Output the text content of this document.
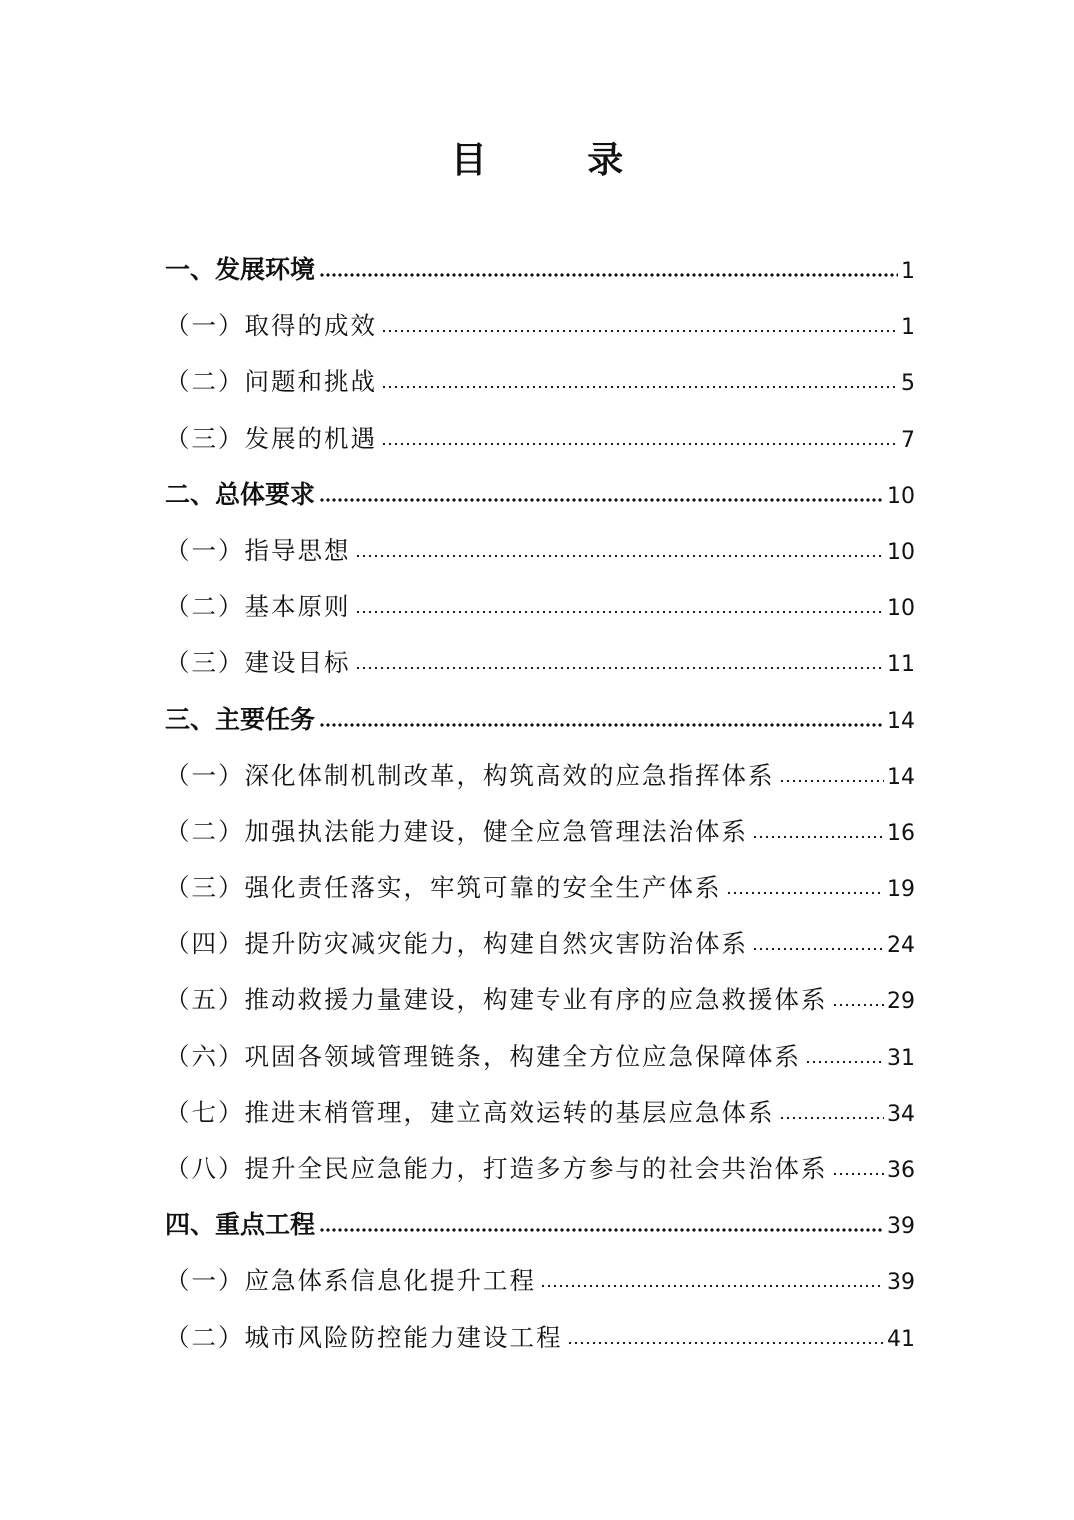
目 录
一、发展环境	1
（一）取得的成效	1
（二）问题和挑战	5
（三）发展的机遇	7
二、总体要求	10
（一）指导思想	10
（二）基本原则	10
（三）建设目标	11
三、主要任务	14
（一）深化体制机制改革，构筑高效的应急指挥体系	14
（二）加强执法能力建设，健全应急管理法治体系	16
（三）强化责任落实，牢筑可靠的安全生产体系	19
（四）提升防灾减灾能力，构建自然灾害防治体系	24
（五）推动救援力量建设，构建专业有序的应急救援体系	29
（六）巩固各领域管理链条，构建全方位应急保障体系	31
（七）推进末梢管理，建立高效运转的基层应急体系	34
（八）提升全民应急能力，打造多方参与的社会共治体系	36
四、重点工程	39
（一）应急体系信息化提升工程	39
（二）城市风险防控能力建设工程	41
